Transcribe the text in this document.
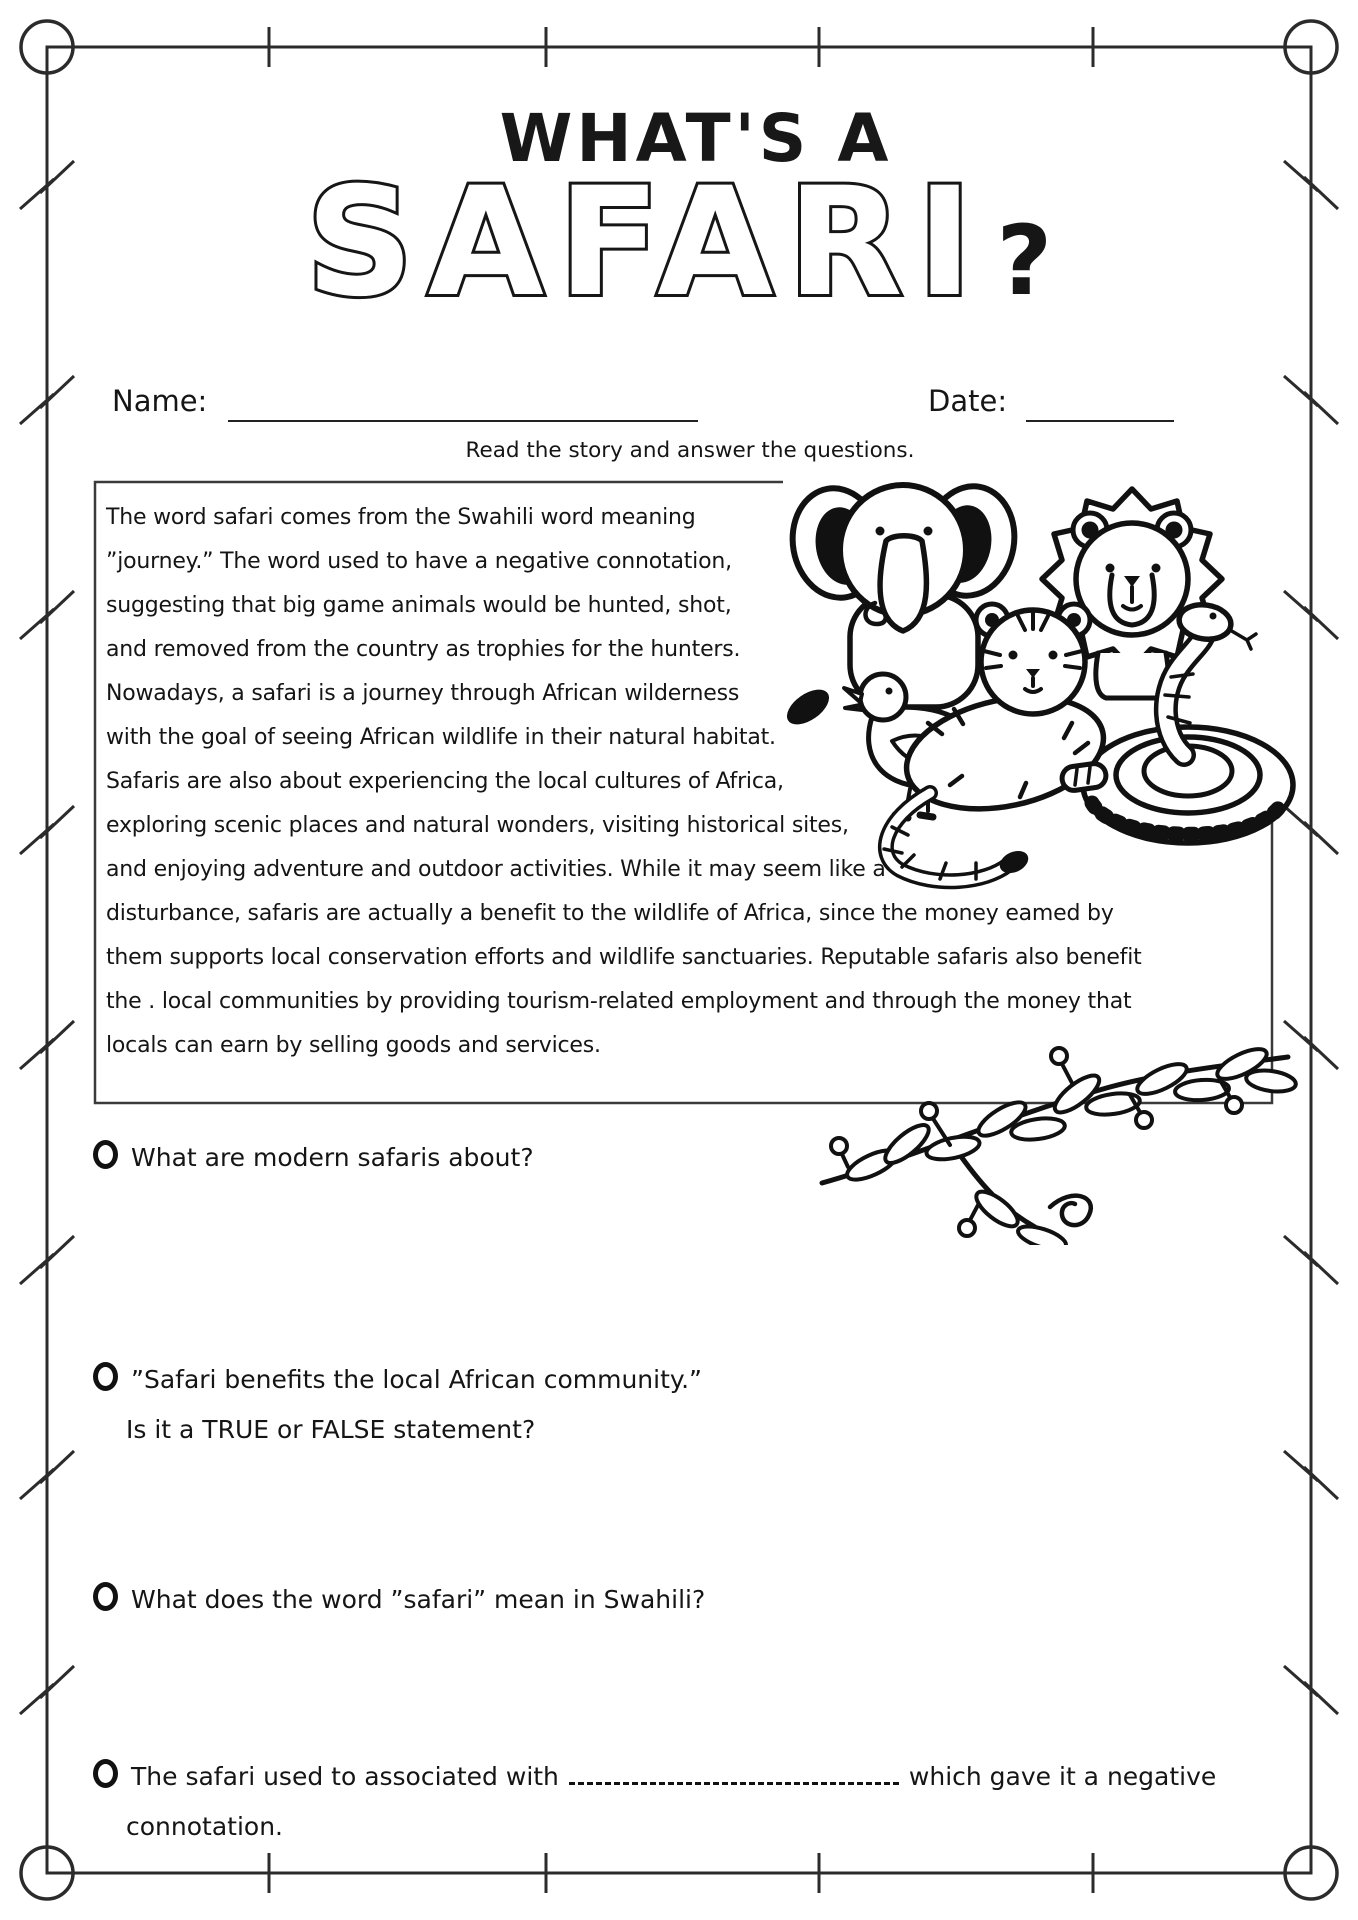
WHAT'S A
SAFARI ?
Name:	Date:
Read the story and answer the questions.
The word safari comes from the Swahili word meaning
”journey.” The word used to have a negative connotation,
suggesting that big game animals would be hunted, shot,
and removed from the country as trophies for the hunters.
Nowadays, a safari is a journey through African wilderness
with the goal of seeing African wildlife in their natural habitat.
Safaris are also about experiencing the local cultures of Africa,
exploring scenic places and natural wonders, visiting historical sites,
and enjoying adventure and outdoor activities. While it may seem like a
disturbance, safaris are actually a benefit to the wildlife of Africa, since the money eamed by
them supports local conservation efforts and wildlife sanctuaries. Reputable safaris also benefit
the . local communities by providing tourism-related employment and through the money that
locals can earn by selling goods and services.
What are modern safaris about?
”Safari benefits the local African community.”
Is it a TRUE or FALSE statement?
What does the word ”safari” mean in Swahili?
The safari used to associated with	which gave it a negative
connotation.
